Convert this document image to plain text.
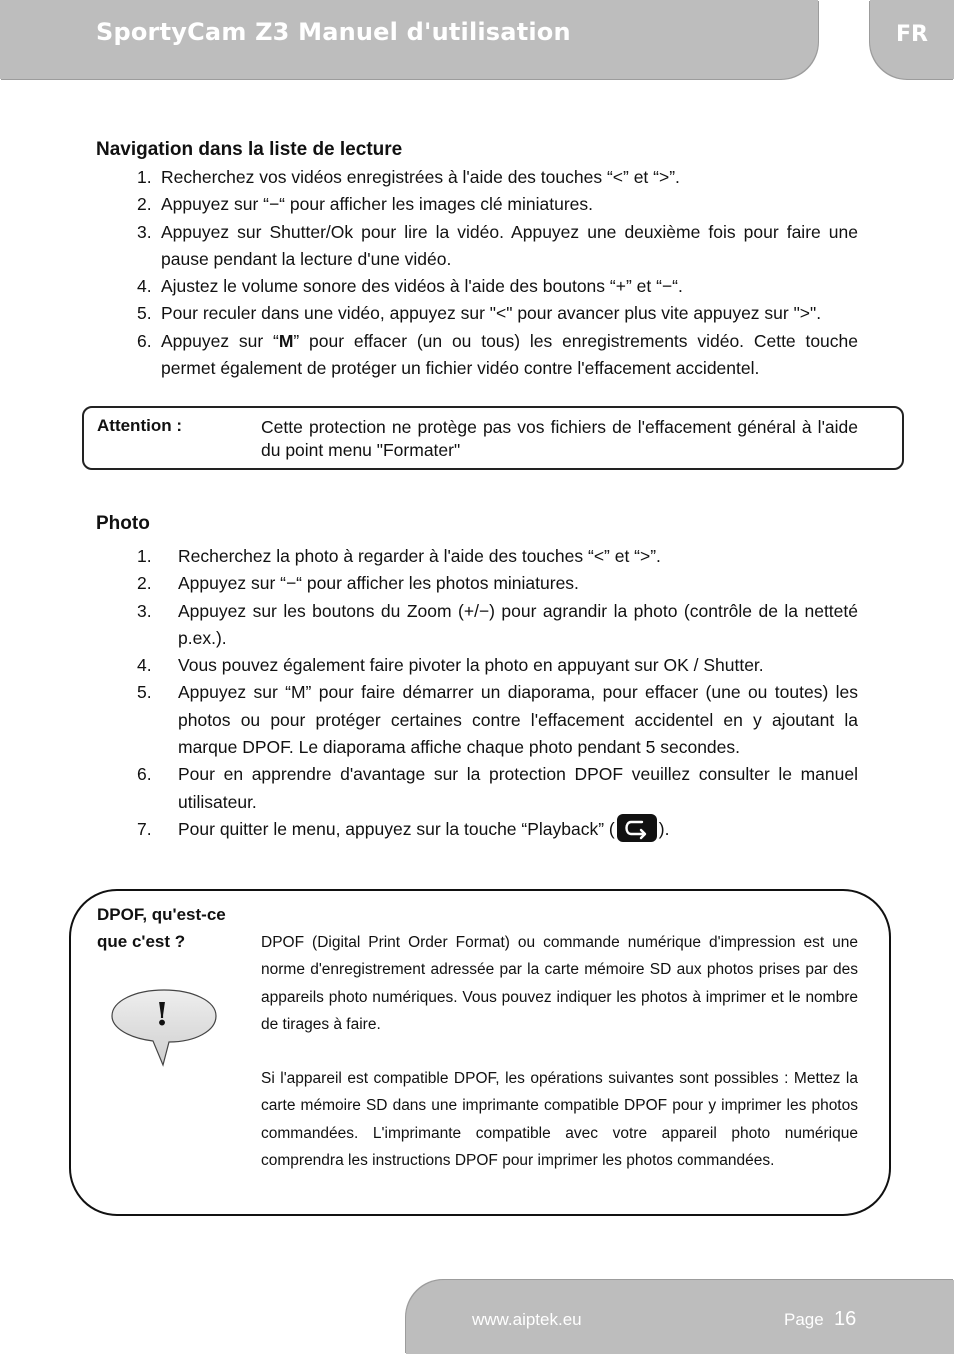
SportyCam Z3 Manuel d'utilisation	FR
Navigation dans la liste de lecture
1. Recherchez vos vidéos enregistrées à l'aide des touches “<” et “>”.
2. Appuyez sur “−“ pour afficher les images clé miniatures.
3. Appuyez sur Shutter/Ok pour lire la vidéo. Appuyez une deuxième fois pour faire une pause pendant la lecture d'une vidéo.
4. Ajustez le volume sonore des vidéos à l'aide des boutons “+” et “−“.
5. Pour reculer dans une vidéo, appuyez sur "<" pour avancer plus vite appuyez sur ">".
6. Appuyez sur “M” pour effacer (un ou tous) les enregistrements vidéo. Cette touche permet également de protéger un fichier vidéo contre l'effacement accidentel.
Attention :	Cette protection ne protège pas vos fichiers de l'effacement général à l'aide du point menu "Formater"
Photo
1. Recherchez la photo à regarder à l'aide des touches “<” et “>”.
2. Appuyez sur “−“ pour afficher les photos miniatures.
3. Appuyez sur les boutons du Zoom (+/−) pour agrandir la photo (contrôle de la netteté p.ex.).
4. Vous pouvez également faire pivoter la photo en appuyant sur OK / Shutter.
5. Appuyez sur “M” pour faire démarrer un diaporama, pour effacer (une ou toutes) les photos ou pour protéger certaines contre l'effacement accidentel en y ajoutant la marque DPOF. Le diaporama affiche chaque photo pendant 5 secondes.
6. Pour en apprendre d'avantage sur la protection DPOF veuillez consulter le manuel utilisateur.
7. Pour quitter le menu, appuyez sur la touche “Playback” (	).
DPOF, qu'est-ce que c'est ?
!

DPOF (Digital Print Order Format) ou commande numérique d'impression est une norme d'enregistrement adressée par la carte mémoire SD aux photos prises par des appareils photo numériques. Vous pouvez indiquer les photos à imprimer et le nombre de tirages à faire.

Si l'appareil est compatible DPOF, les opérations suivantes sont possibles : Mettez la carte mémoire SD dans une imprimante compatible DPOF pour y imprimer les photos commandées. L'imprimante compatible avec votre appareil photo numérique comprendra les instructions DPOF pour imprimer les photos commandées.

www.aiptek.eu	Page 16
